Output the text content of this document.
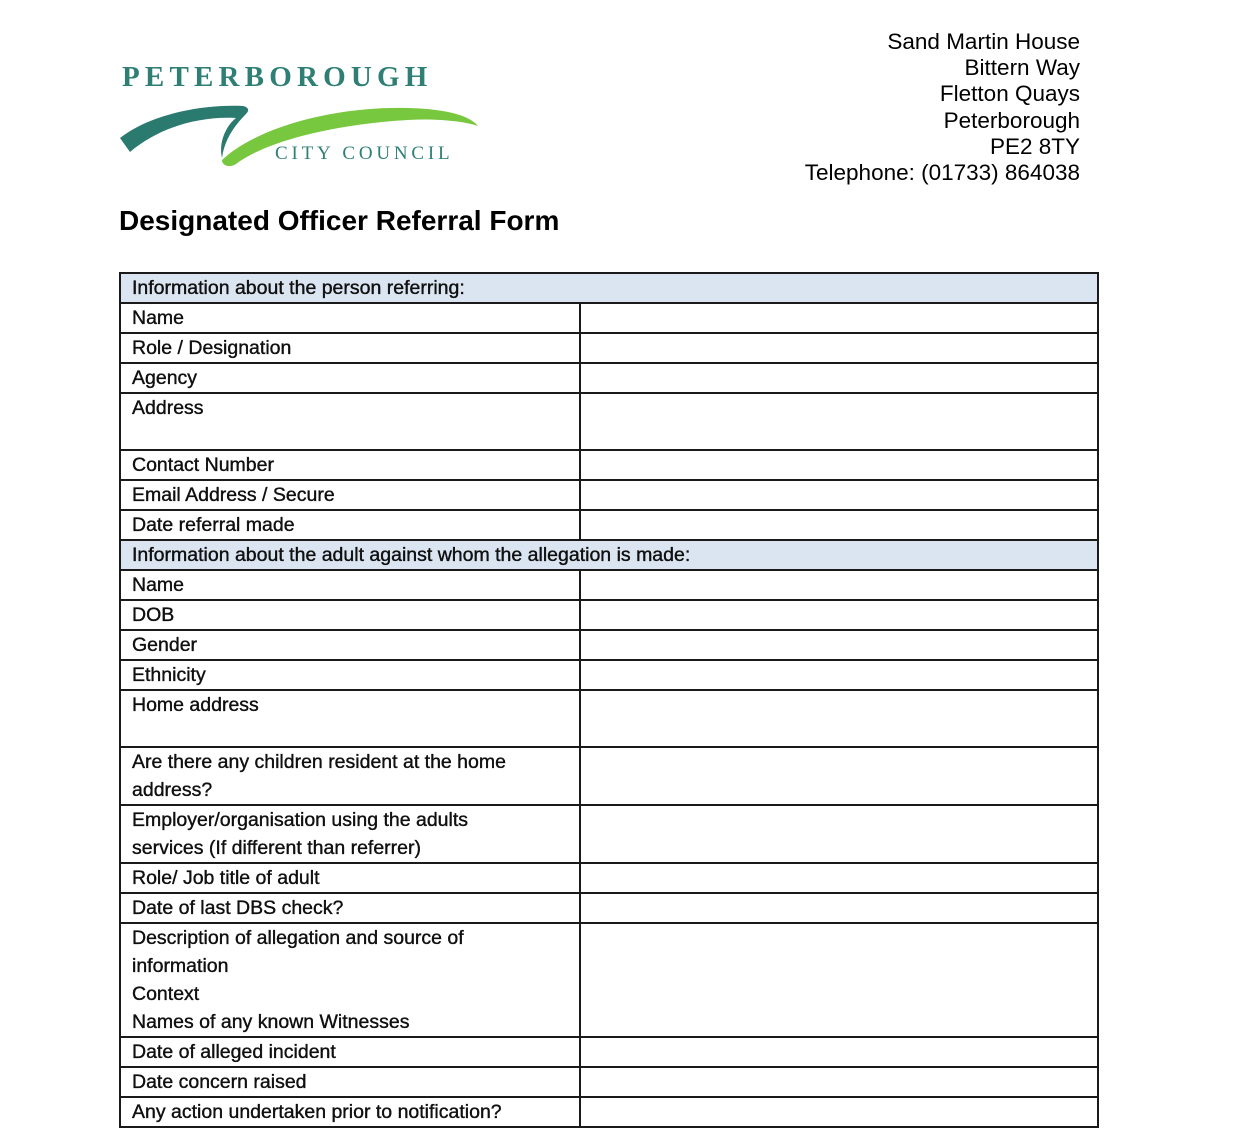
PETERBOROUGH
CITY COUNCIL
Sand Martin House
Bittern Way
Fletton Quays
Peterborough
PE2 8TY
Telephone: (01733) 864038
Designated Officer Referral Form
Information about the person referring:	

Name	

Role / Designation	

Agency	

Address	

Contact Number	

Email Address / Secure	

Date referral made	

Information about the adult against whom the allegation is made:	

Name	

DOB	

Gender	

Ethnicity	

Home address	

Are there any children resident at the home
address?	

Employer/organisation using the adults
services (If different than referrer)	

Role/ Job title of adult	

Date of last DBS check?	

Description of allegation and source of
information
Context
Names of any known Witnesses	

Date of alleged incident	

Date concern raised	

Any action undertaken prior to notification?	
